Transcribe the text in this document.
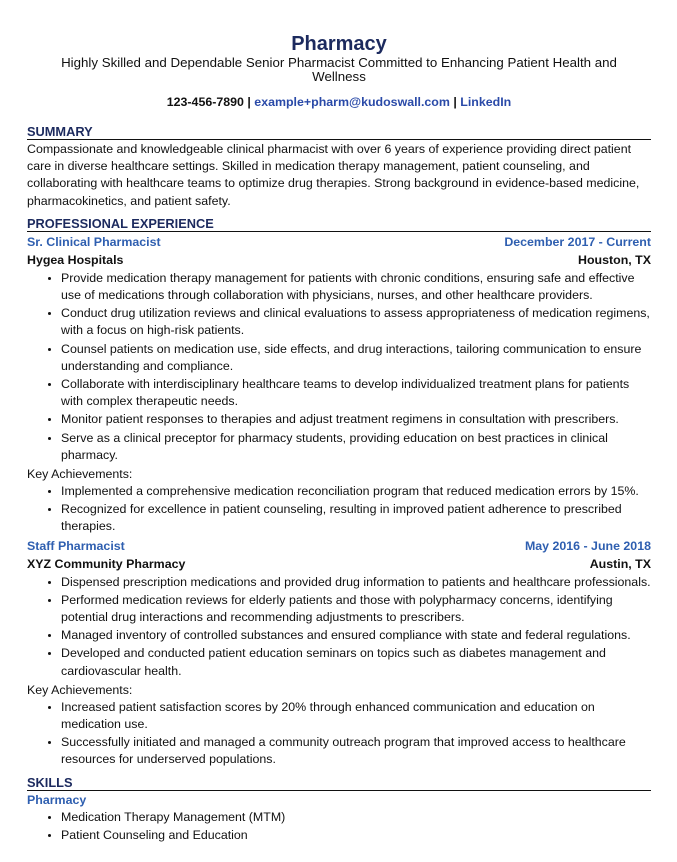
Pharmacy
Highly Skilled and Dependable Senior Pharmacist Committed to Enhancing Patient Health and Wellness
123-456-7890 | example+pharm@kudoswall.com | LinkedIn
SUMMARY

Compassionate and knowledgeable clinical pharmacist with over 6 years of experience providing direct patient care in diverse healthcare settings. Skilled in medication therapy management, patient counseling, and collaborating with healthcare teams to optimize drug therapies. Strong background in evidence-based medicine, pharmacokinetics, and patient safety.

PROFESSIONAL EXPERIENCE
Sr. Clinical Pharmacist	December 2017 - Current
Hygea Hospitals	Houston, TX
• Provide medication therapy management for patients with chronic conditions, ensuring safe and effective use of medications through collaboration with physicians, nurses, and other healthcare providers.
• Conduct drug utilization reviews and clinical evaluations to assess appropriateness of medication regimens, with a focus on high-risk patients.
• Counsel patients on medication use, side effects, and drug interactions, tailoring communication to ensure understanding and compliance.
• Collaborate with interdisciplinary healthcare teams to develop individualized treatment plans for patients with complex therapeutic needs.
• Monitor patient responses to therapies and adjust treatment regimens in consultation with prescribers.
• Serve as a clinical preceptor for pharmacy students, providing education on best practices in clinical pharmacy.
Key Achievements:
• Implemented a comprehensive medication reconciliation program that reduced medication errors by 15%.
• Recognized for excellence in patient counseling, resulting in improved patient adherence to prescribed therapies.
Staff Pharmacist	May 2016 - June 2018
XYZ Community Pharmacy	Austin, TX
• Dispensed prescription medications and provided drug information to patients and healthcare professionals.
• Performed medication reviews for elderly patients and those with polypharmacy concerns, identifying potential drug interactions and recommending adjustments to prescribers.
• Managed inventory of controlled substances and ensured compliance with state and federal regulations.
• Developed and conducted patient education seminars on topics such as diabetes management and cardiovascular health.
Key Achievements:
• Increased patient satisfaction scores by 20% through enhanced communication and education on medication use.
• Successfully initiated and managed a community outreach program that improved access to healthcare resources for underserved populations.
SKILLS
Pharmacy
• Medication Therapy Management (MTM)
• Patient Counseling and Education
